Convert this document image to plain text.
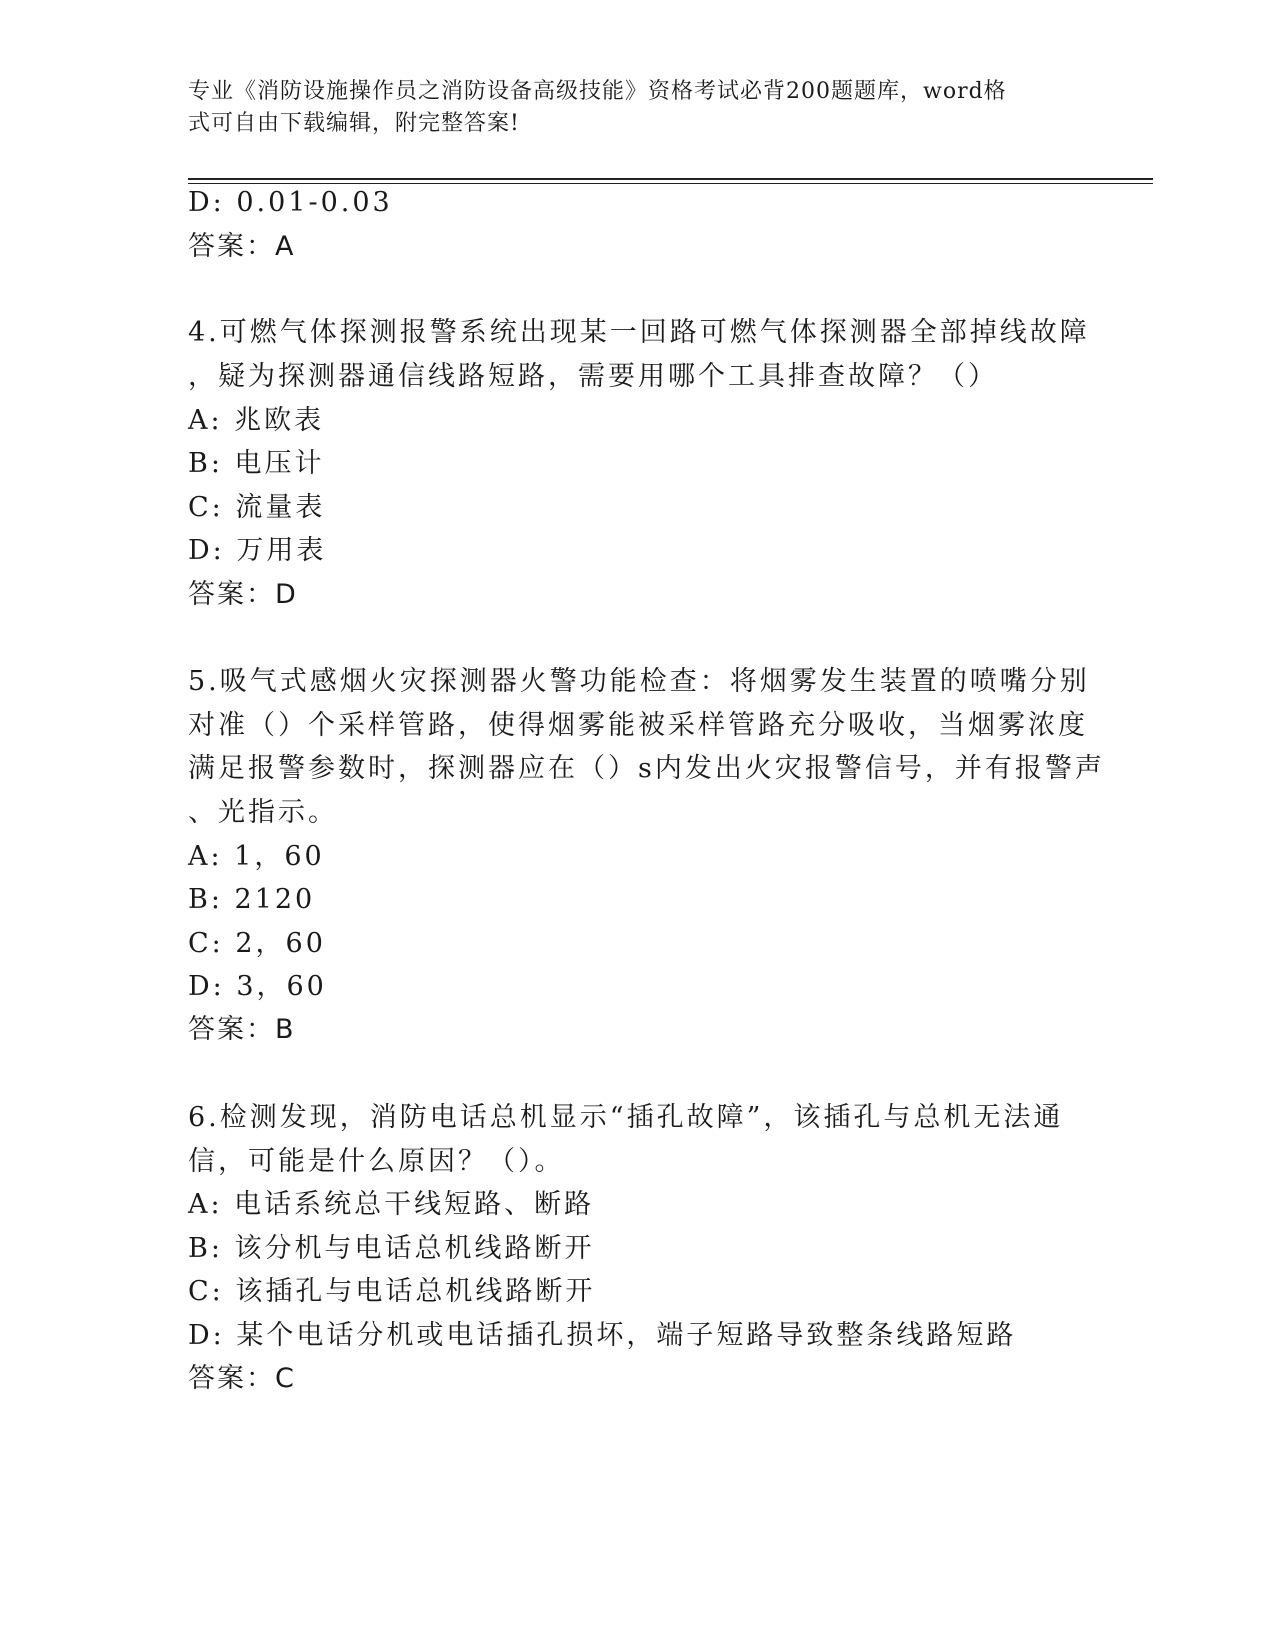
专业《消防设施操作员之消防设备高级技能》资格考试必背200题题库，word格
式可自由下载编辑，附完整答案!
D: 0.01-0.03
答案：A
4.可燃气体探测报警系统出现某一回路可燃气体探测器全部掉线故障
，疑为探测器通信线路短路，需要用哪个工具排查故障？（）
A: 兆欧表
B: 电压计
C: 流量表
D: 万用表
答案：D
5.吸气式感烟火灾探测器火警功能检查：将烟雾发生装置的喷嘴分别
对准（）个采样管路，使得烟雾能被采样管路充分吸收，当烟雾浓度
满足报警参数时，探测器应在（）s内发出火灾报警信号，并有报警声
、光指示。
A: 1，60
B: 2120
C: 2，60
D: 3，60
答案：B
6.检测发现，消防电话总机显示“插孔故障”，该插孔与总机无法通
信，可能是什么原因？（）。
A: 电话系统总干线短路、断路
B: 该分机与电话总机线路断开
C: 该插孔与电话总机线路断开
D: 某个电话分机或电话插孔损坏，端子短路导致整条线路短路
答案：C
